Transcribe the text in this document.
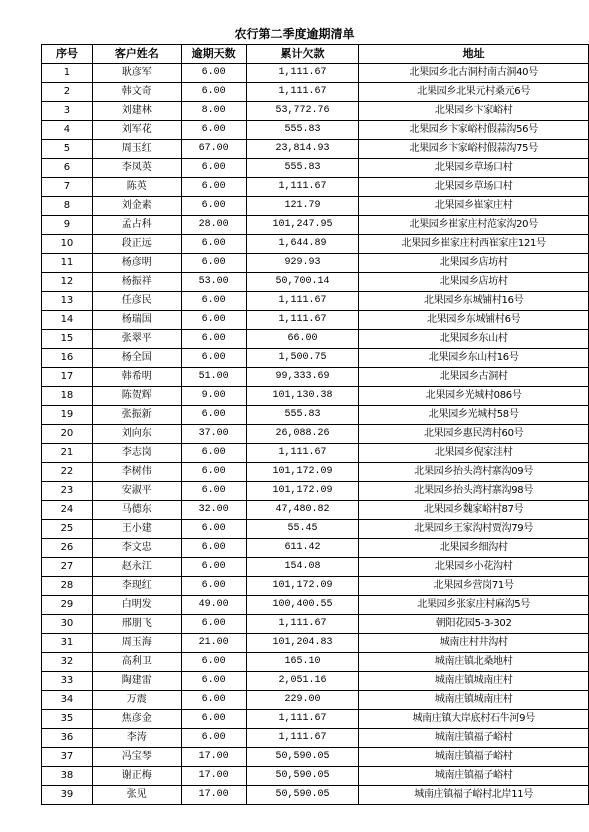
农行第二季度逾期清单
序号	客户姓名	逾期天数	累计欠款	地址
1	耿彦军	6.00	1,111.67	北果园乡北古洞村南古洞40号
2	韩文奇	6.00	1,111.67	北果园乡北果元村桑元6号
3	刘建林	8.00	53,772.76	北果园乡卞家峪村
4	刘军花	6.00	555.83	北果园乡卞家峪村假蒜沟56号
5	周玉红	67.00	23,814.93	北果园乡卞家峪村假蒜沟75号
6	李凤英	6.00	555.83	北果园乡草场口村
7	陈英	6.00	1,111.67	北果园乡草场口村
8	刘金素	6.00	121.79	北果园乡崔家庄村
9	孟占科	28.00	101,247.95	北果园乡崔家庄村范家沟20号
10	段正远	6.00	1,644.89	北果园乡崔家庄村西崔家庄121号
11	杨彦明	6.00	929.93	北果园乡店坊村
12	杨振祥	53.00	50,700.14	北果园乡店坊村
13	任彦民	6.00	1,111.67	北果园乡东城铺村16号
14	杨瑞国	6.00	1,111.67	北果园乡东城铺村6号
15	张翠平	6.00	66.00	北果园乡东山村
16	杨全国	6.00	1,500.75	北果园乡东山村16号
17	韩希明	51.00	99,333.69	北果园乡古洞村
18	陈贺辉	9.00	101,130.38	北果园乡光城村086号
19	张振新	6.00	555.83	北果园乡光城村58号
20	刘向东	37.00	26,088.26	北果园乡惠民湾村60号
21	李志岗	6.00	1,111.67	北果园乡倪家洼村
22	李树伟	6.00	101,172.09	北果园乡抬头湾村寨沟09号
23	安淑平	6.00	101,172.09	北果园乡抬头湾村寨沟98号
24	马德东	32.00	47,480.82	北果园乡魏家峪村87号
25	王小建	6.00	55.45	北果园乡王家沟村贾沟79号
26	李文忠	6.00	611.42	北果园乡细沟村
27	赵永江	6.00	154.08	北果园乡小花沟村
28	李现红	6.00	101,172.09	北果园乡营岗71号
29	白明发	49.00	100,400.55	北果园乡张家庄村麻沟5号
30	邢朋飞	6.00	1,111.67	朝阳花园5-3-302
31	周玉海	21.00	101,204.83	城南庄村井沟村
32	高利卫	6.00	165.10	城南庄镇北桑地村
33	陶建雷	6.00	2,051.16	城南庄镇城南庄村
34	万震	6.00	229.00	城南庄镇城南庄村
35	焦彦金	6.00	1,111.67	城南庄镇大岸底村石牛河9号
36	李涛	6.00	1,111.67	城南庄镇福子峪村
37	冯宝琴	17.00	50,590.05	城南庄镇福子峪村
38	谢正梅	17.00	50,590.05	城南庄镇福子峪村
39	张见	17.00	50,590.05	城南庄镇福子峪村北岸11号
